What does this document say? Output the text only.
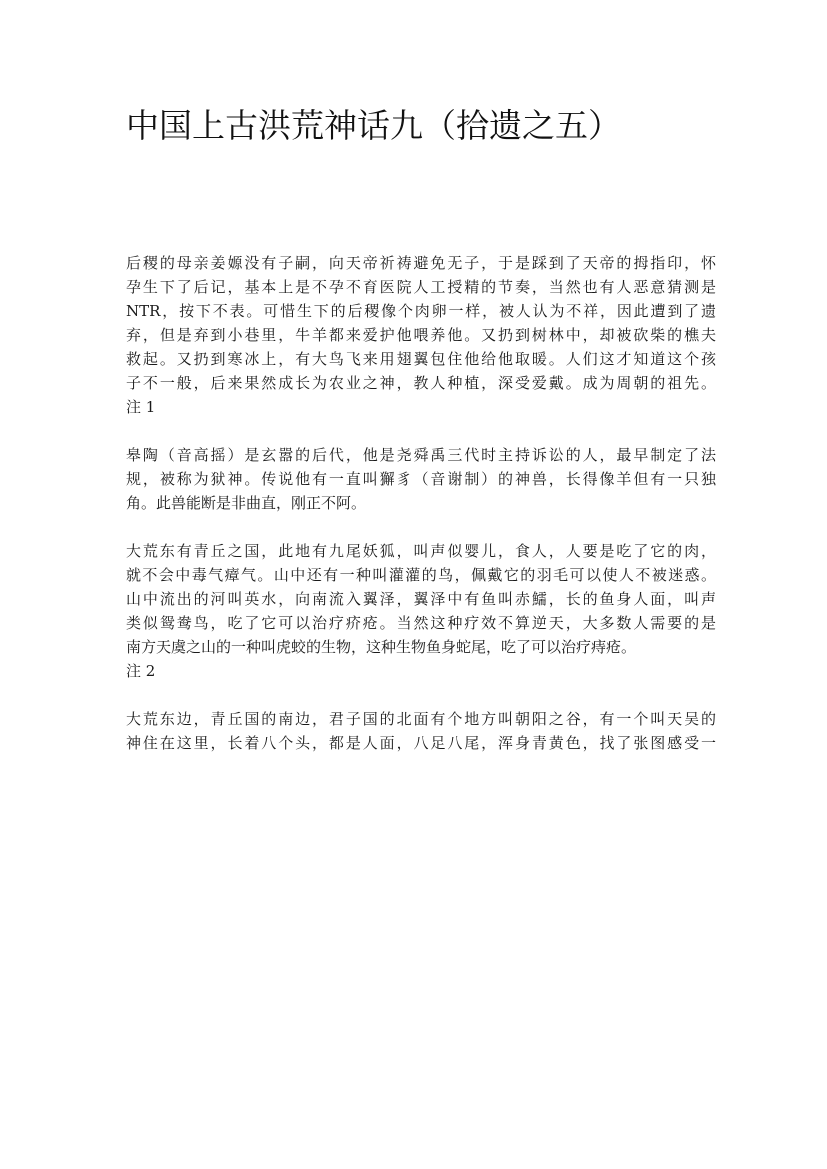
中国上古洪荒神话九（拾遗之五）

后稷的母亲姜嫄没有子嗣，向天帝祈祷避免无子，于是踩到了天帝的拇指印，怀
孕生下了后记，基本上是不孕不育医院人工授精的节奏，当然也有人恶意猜测是
NTR，按下不表。可惜生下的后稷像个肉卵一样，被人认为不祥，因此遭到了遗
弃，但是弃到小巷里，牛羊都来爱护他喂养他。又扔到树林中，却被砍柴的樵夫
救起。又扔到寒冰上，有大鸟飞来用翅翼包住他给他取暖。人们这才知道这个孩
子不一般，后来果然成长为农业之神，教人种植，深受爱戴。成为周朝的祖先。
注 1

皋陶（音高摇）是玄嚣的后代，他是尧舜禹三代时主持诉讼的人，最早制定了法
规，被称为狱神。传说他有一直叫獬豸（音谢制）的神兽，长得像羊但有一只独
角。此兽能断是非曲直，刚正不阿。

大荒东有青丘之国，此地有九尾妖狐，叫声似婴儿，食人，人要是吃了它的肉，
就不会中毒气瘴气。山中还有一种叫灌灌的鸟，佩戴它的羽毛可以使人不被迷惑。
山中流出的河叫英水，向南流入翼泽，翼泽中有鱼叫赤鱬，长的鱼身人面，叫声
类似鸳鸯鸟，吃了它可以治疗疥疮。当然这种疗效不算逆天，大多数人需要的是
南方天虞之山的一种叫虎蛟的生物，这种生物鱼身蛇尾，吃了可以治疗痔疮。
注 2

大荒东边，青丘国的南边，君子国的北面有个地方叫朝阳之谷，有一个叫天吴的
神住在这里，长着八个头，都是人面，八足八尾，浑身青黄色，找了张图感受一
